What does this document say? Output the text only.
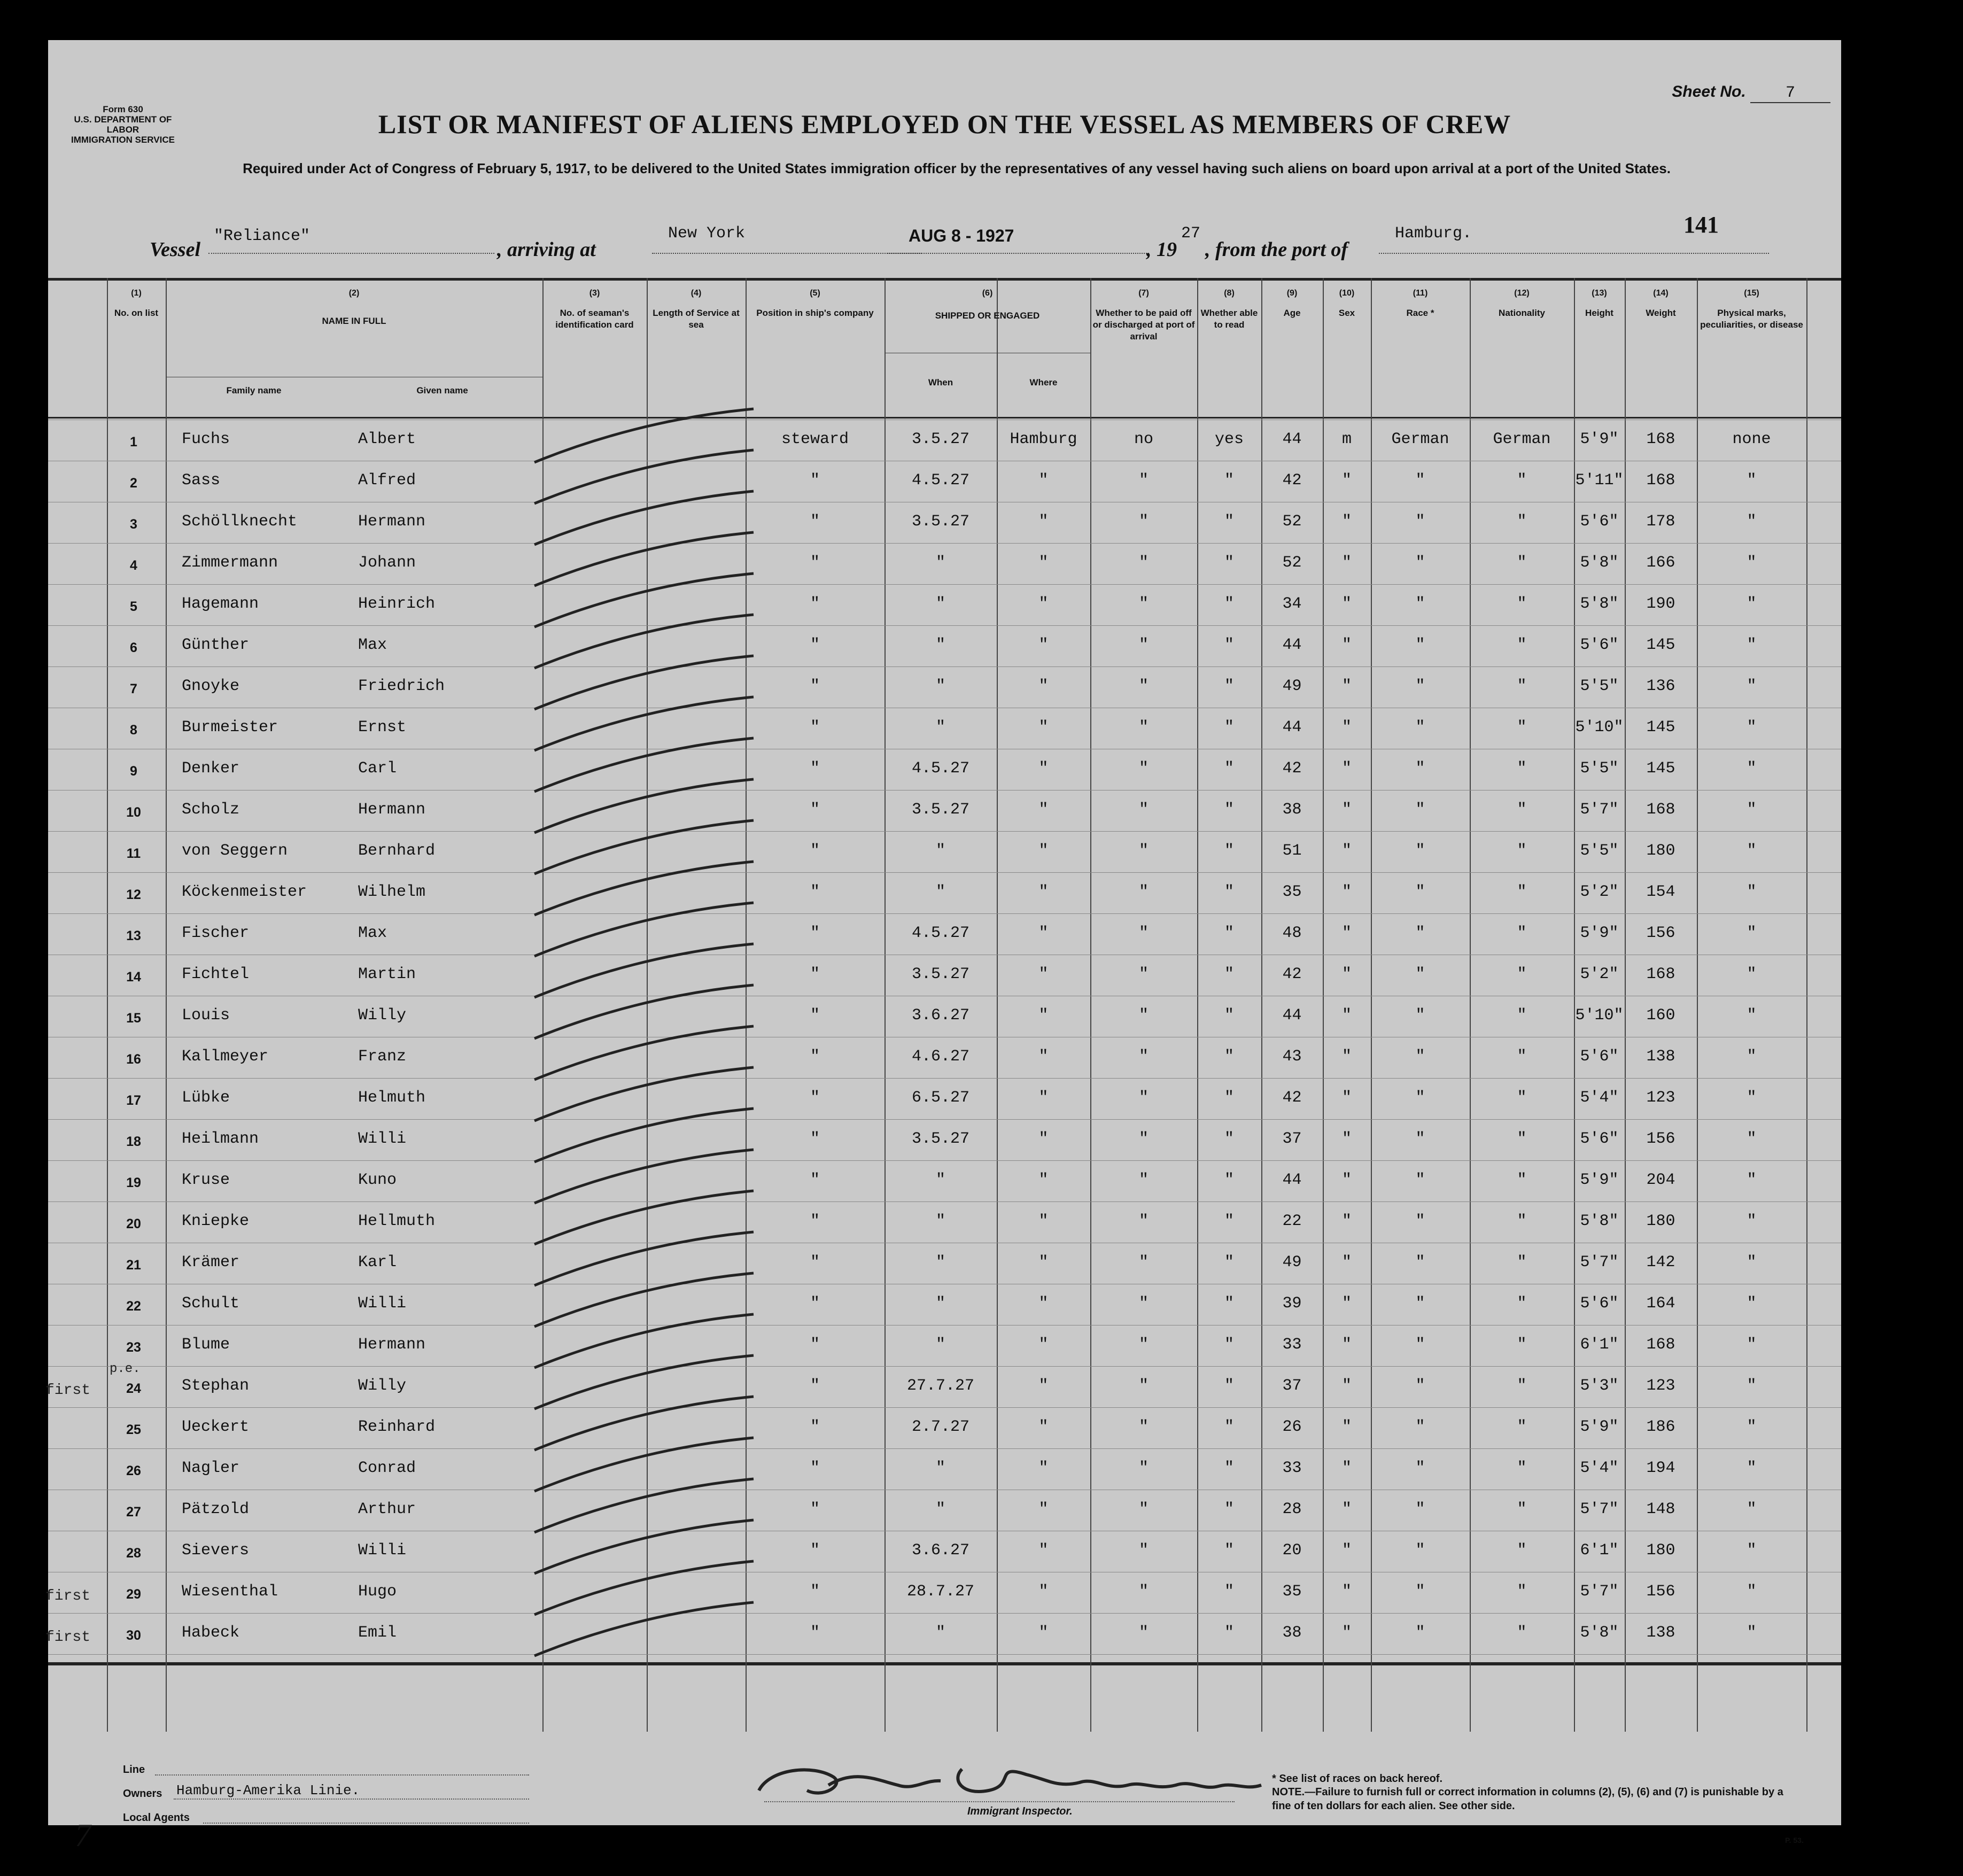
Form 630
U.S. DEPARTMENT OF LABOR
IMMIGRATION SERVICE
Sheet No. 7
LIST OR MANIFEST OF ALIENS EMPLOYED ON THE VESSEL AS MEMBERS OF CREW
Required under Act of Congress of February 5, 1917, to be delivered to the United States immigration officer by the representatives of any vessel having such aliens on board upon arrival at a port of the United States.
Vessel
"Reliance"
, arriving at
New York	AUG 8 - 1927
, 19
27
, from the port of
Hamburg.	141
(1)
No. on list
(2)
NAME IN FULL
(3)
No. of seaman's identification card
(4)
Length of Service at sea
(5)
Position in ship's company
(6)
SHIPPED OR ENGAGED
(7)
Whether to be paid off or discharged at port of arrival
(8)
Whether able to read
(9)
Age
(10)
Sex
(11)
Race *
(12)
Nationality
(13)
Height
(14)
Weight
(15)
Physical marks, peculiarities, or disease
Family name	Given name
When	Where
1	Fuchs	Albert	steward	3.5.27	Hamburg	no	yes	44	m	German	German	5'9"	168	none
2	Sass	Alfred	"	4.5.27	"	"	"	42	"	"	"	5'11"	168	"
3	Schöllknecht	Hermann	"	3.5.27	"	"	"	52	"	"	"	5'6"	178	"
4	Zimmermann	Johann	"	"	"	"	"	52	"	"	"	5'8"	166	"
5	Hagemann	Heinrich	"	"	"	"	"	34	"	"	"	5'8"	190	"
6	Günther	Max	"	"	"	"	"	44	"	"	"	5'6"	145	"
7	Gnoyke	Friedrich	"	"	"	"	"	49	"	"	"	5'5"	136	"
8	Burmeister	Ernst	"	"	"	"	"	44	"	"	"	5'10"	145	"
9	Denker	Carl	"	4.5.27	"	"	"	42	"	"	"	5'5"	145	"
10	Scholz	Hermann	"	3.5.27	"	"	"	38	"	"	"	5'7"	168	"
11	von Seggern	Bernhard	"	"	"	"	"	51	"	"	"	5'5"	180	"
12	Köckenmeister	Wilhelm	"	"	"	"	"	35	"	"	"	5'2"	154	"
13	Fischer	Max	"	4.5.27	"	"	"	48	"	"	"	5'9"	156	"
14	Fichtel	Martin	"	3.5.27	"	"	"	42	"	"	"	5'2"	168	"
15	Louis	Willy	"	3.6.27	"	"	"	44	"	"	"	5'10"	160	"
16	Kallmeyer	Franz	"	4.6.27	"	"	"	43	"	"	"	5'6"	138	"
17	Lübke	Helmuth	"	6.5.27	"	"	"	42	"	"	"	5'4"	123	"
18	Heilmann	Willi	"	3.5.27	"	"	"	37	"	"	"	5'6"	156	"
19	Kruse	Kuno	"	"	"	"	"	44	"	"	"	5'9"	204	"
20	Kniepke	Hellmuth	"	"	"	"	"	22	"	"	"	5'8"	180	"
21	Krämer	Karl	"	"	"	"	"	49	"	"	"	5'7"	142	"
22	Schult	Willi	"	"	"	"	"	39	"	"	"	5'6"	164	"
23	Blume	Hermann	"	"	"	"	"	33	"	"	"	6'1"	168	"
24	Stephan	Willy	"	27.7.27	"	"	"	37	"	"	"	5'3"	123	"
first
p.e.
25	Ueckert	Reinhard	"	2.7.27	"	"	"	26	"	"	"	5'9"	186	"
26	Nagler	Conrad	"	"	"	"	"	33	"	"	"	5'4"	194	"
27	Pätzold	Arthur	"	"	"	"	"	28	"	"	"	5'7"	148	"
28	Sievers	Willi	"	3.6.27	"	"	"	20	"	"	"	6'1"	180	"
29	Wiesenthal	Hugo	"	28.7.27	"	"	"	35	"	"	"	5'7"	156	"
first
30	Habeck	Emil	"	"	"	"	"	38	"	"	"	5'8"	138	"
first
Line
Owners Hamburg-Amerika Linie.
Local Agents
Immigrant Inspector.
* See list of races on back hereof.
NOTE.—Failure to furnish full or correct information in columns (2), (5), (6) and (7) is punishable by a fine of ten dollars for each alien. See other side.
P. 53.
7
